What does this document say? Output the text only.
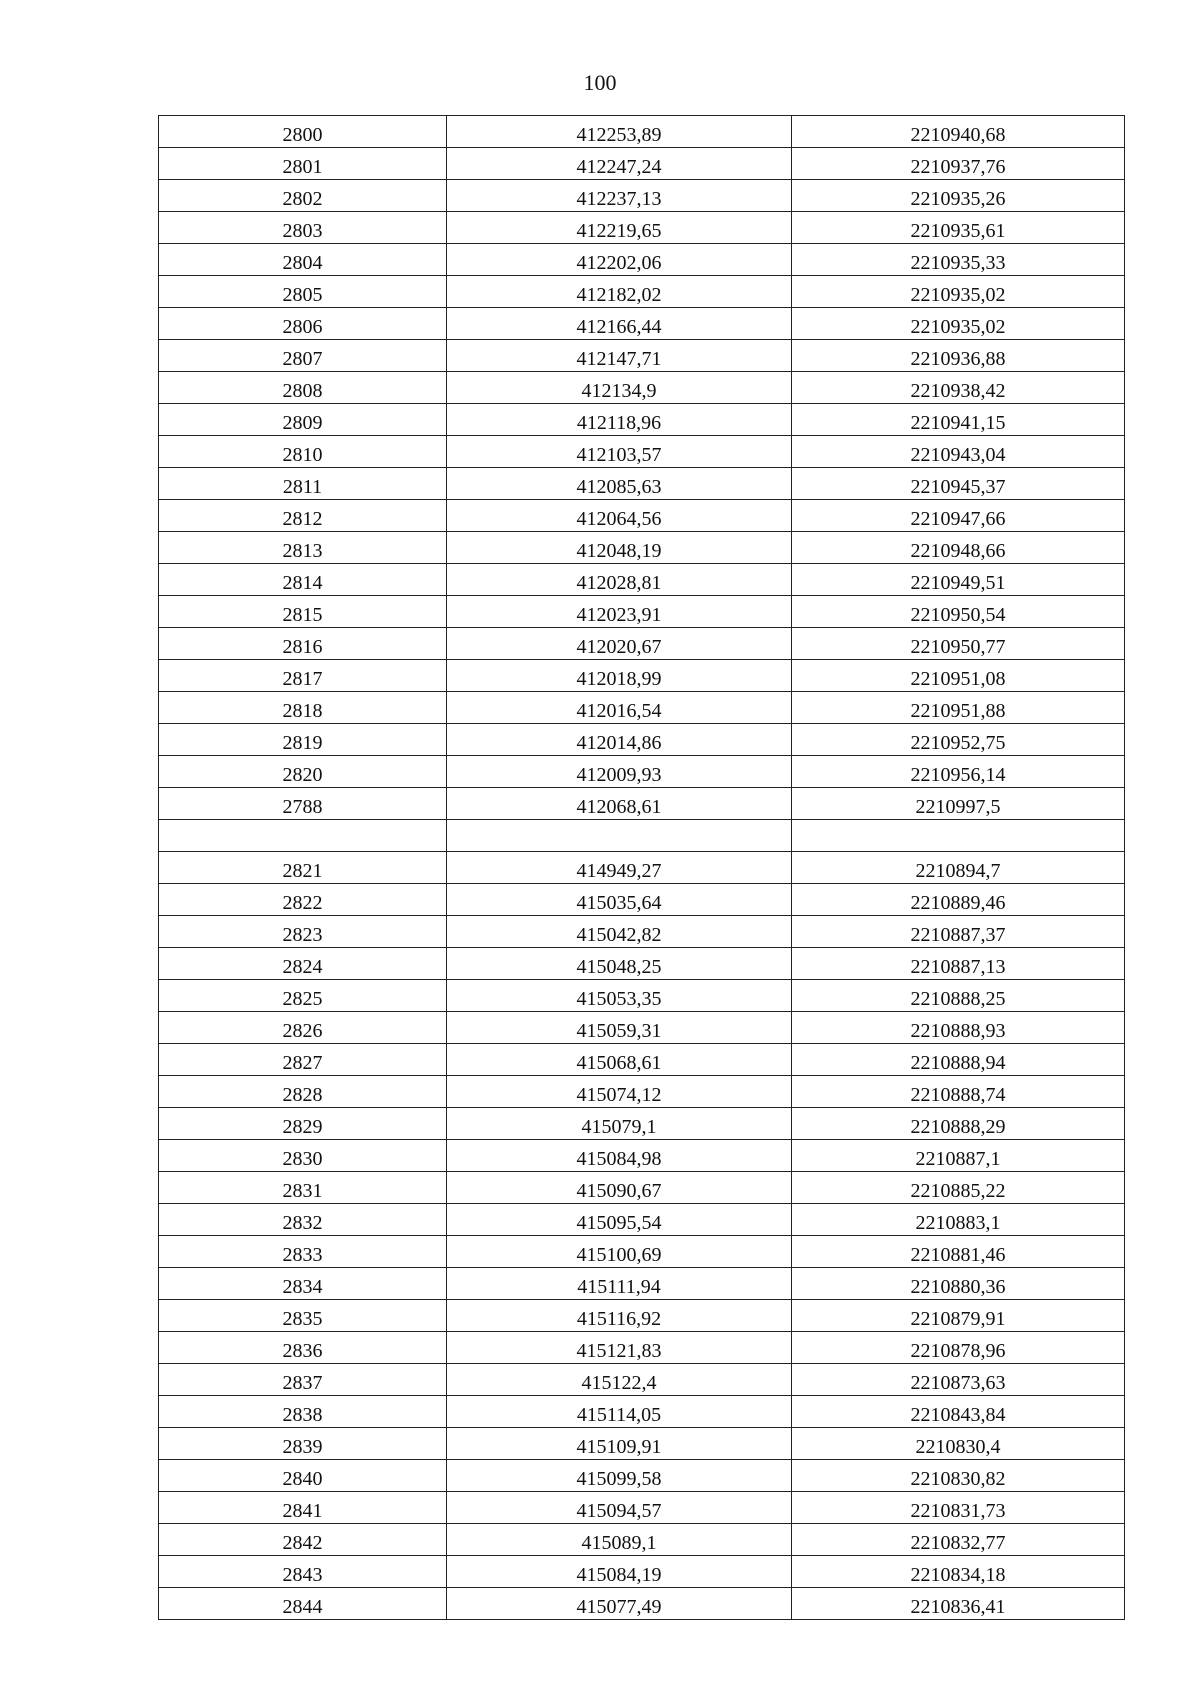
100
2800	412253,89	2210940,68
2801	412247,24	2210937,76
2802	412237,13	2210935,26
2803	412219,65	2210935,61
2804	412202,06	2210935,33
2805	412182,02	2210935,02
2806	412166,44	2210935,02
2807	412147,71	2210936,88
2808	412134,9	2210938,42
2809	412118,96	2210941,15
2810	412103,57	2210943,04
2811	412085,63	2210945,37
2812	412064,56	2210947,66
2813	412048,19	2210948,66
2814	412028,81	2210949,51
2815	412023,91	2210950,54
2816	412020,67	2210950,77
2817	412018,99	2210951,08
2818	412016,54	2210951,88
2819	412014,86	2210952,75
2820	412009,93	2210956,14
2788	412068,61	2210997,5

2821	414949,27	2210894,7
2822	415035,64	2210889,46
2823	415042,82	2210887,37
2824	415048,25	2210887,13
2825	415053,35	2210888,25
2826	415059,31	2210888,93
2827	415068,61	2210888,94
2828	415074,12	2210888,74
2829	415079,1	2210888,29
2830	415084,98	2210887,1
2831	415090,67	2210885,22
2832	415095,54	2210883,1
2833	415100,69	2210881,46
2834	415111,94	2210880,36
2835	415116,92	2210879,91
2836	415121,83	2210878,96
2837	415122,4	2210873,63
2838	415114,05	2210843,84
2839	415109,91	2210830,4
2840	415099,58	2210830,82
2841	415094,57	2210831,73
2842	415089,1	2210832,77
2843	415084,19	2210834,18
2844	415077,49	2210836,41
